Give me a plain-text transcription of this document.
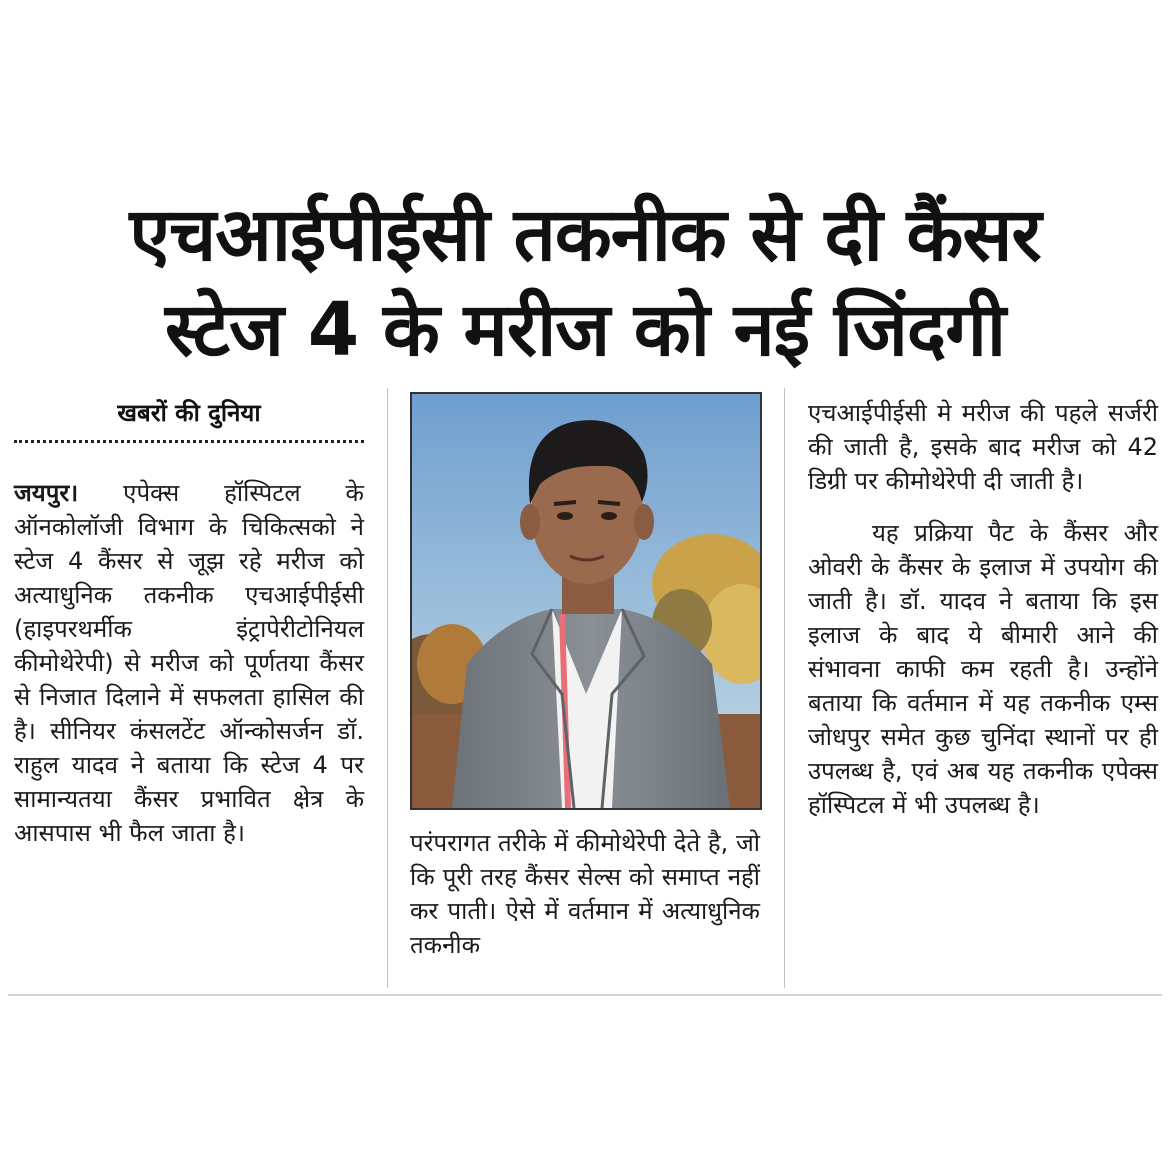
एचआईपीईसी तकनीक से दी कैंसर
स्टेज 4 के मरीज को नई जिंदगी
खबरों की दुनिया

जयपुर। एपेक्स हॉस्पिटल के ऑनकोलॉजी विभाग के चिकित्सको ने स्टेज 4 कैंसर से जूझ रहे मरीज को अत्याधुनिक तकनीक एचआईपीईसी (हाइपरथर्मीक इंट्रापेरीटोनियल कीमोथेरेपी) से मरीज को पूर्णतया कैंसर से निजात दिलाने में सफलता हासिल की है। सीनियर कंसलटेंट ऑन्कोसर्जन डॉ. राहुल यादव ने बताया कि स्टेज 4 पर सामान्यतया कैंसर प्रभावित क्षेत्र के आसपास भी फैल जाता है।	परंपरागत तरीके में कीमोथेरेपी देते है, जो कि पूरी तरह कैंसर सेल्स को समाप्त नहीं कर पाती। ऐसे में वर्तमान में अत्याधुनिक तकनीक

एचआईपीईसी मे मरीज की पहले सर्जरी की जाती है, इसके बाद मरीज को 42 डिग्री पर कीमोथेरेपी दी जाती है।

यह प्रक्रिया पैट के कैंसर और ओवरी के कैंसर के इलाज में उपयोग की जाती है। डॉ. यादव ने बताया कि इस इलाज के बाद ये बीमारी आने की संभावना काफी कम रहती है। उन्होंने बताया कि वर्तमान में यह तकनीक एम्स जोधपुर समेत कुछ चुनिंदा स्थानों पर ही उपलब्ध है, एवं अब यह तकनीक एपेक्स हॉस्पिटल में भी उपलब्ध है।
